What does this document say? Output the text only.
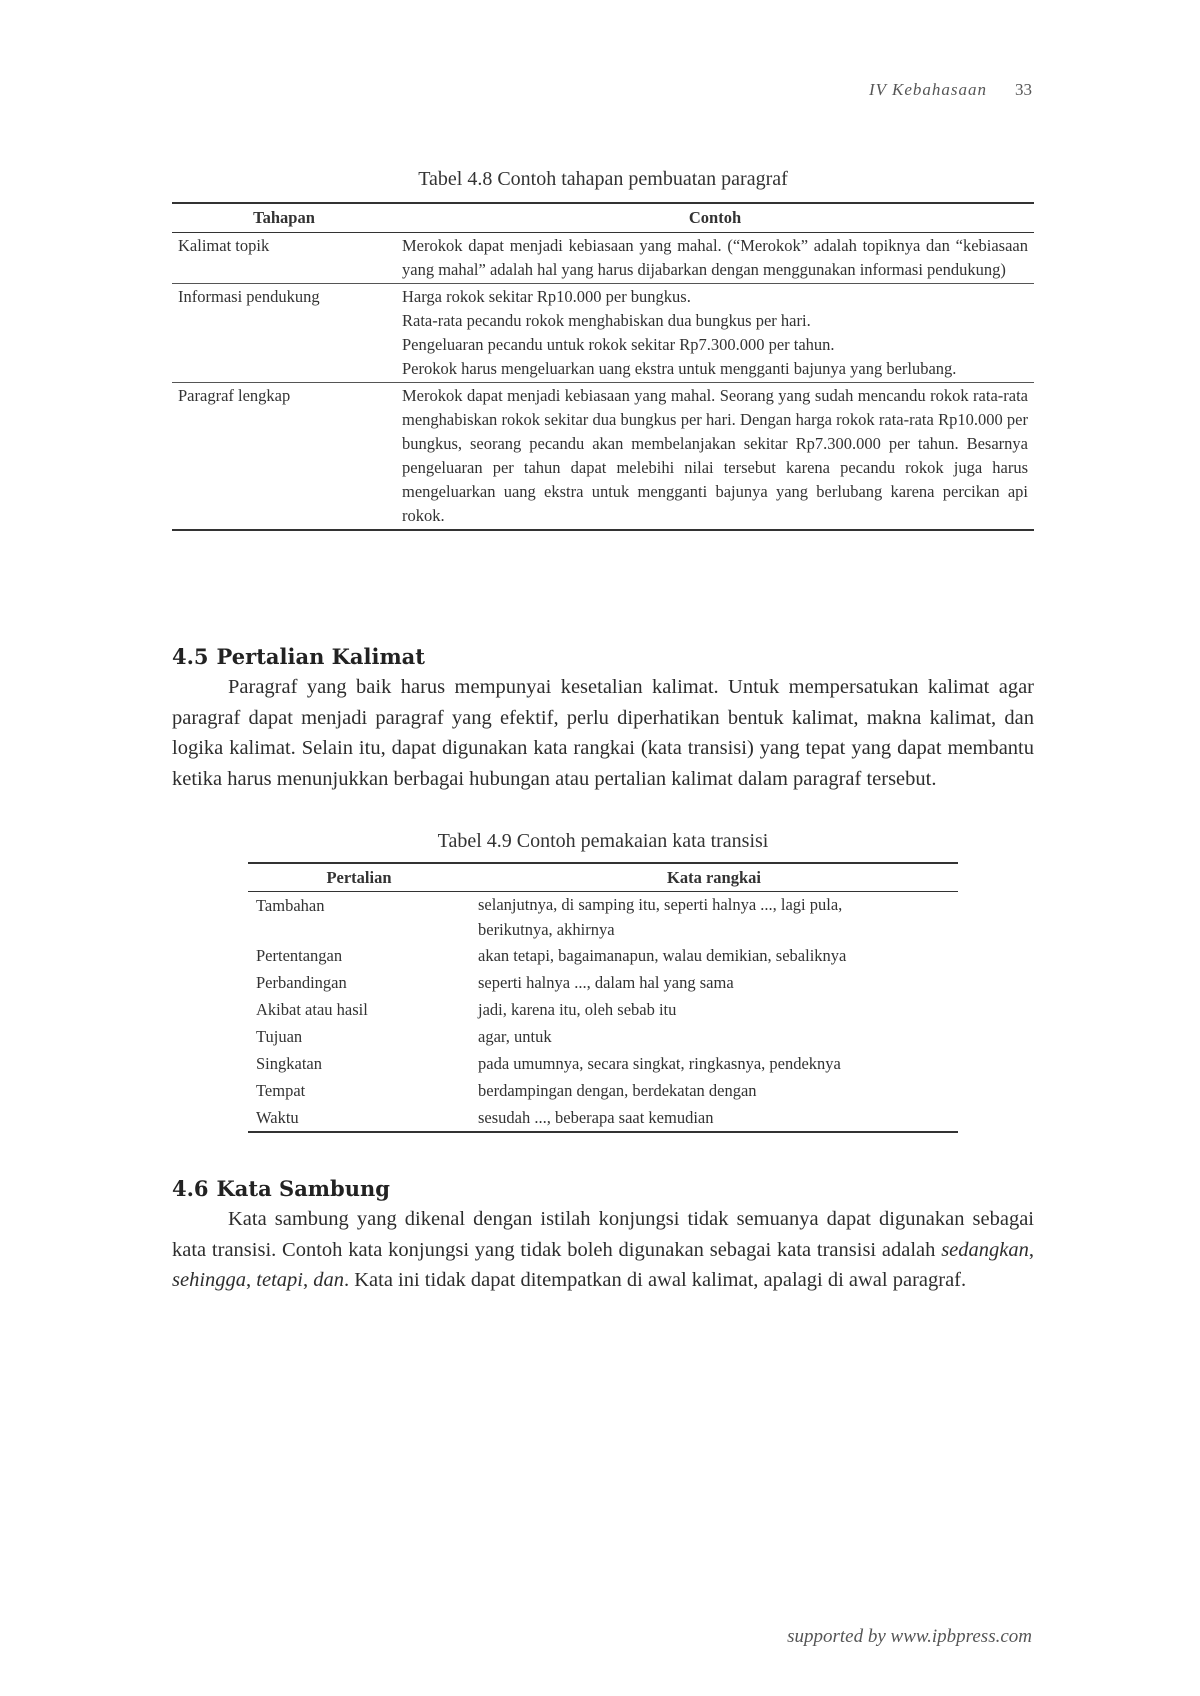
IV Kebahasaan 33
Tabel 4.8 Contoh tahapan pembuatan paragraf
Tahapan	Contoh
Kalimat topik	Merokok dapat menjadi kebiasaan yang mahal. (“Merokok” adalah topiknya dan “kebiasaan yang mahal” adalah hal yang harus dijabarkan dengan menggunakan informasi pendukung)

Informasi pendukung	Harga rokok sekitar Rp10.000 per bungkus.
Rata-rata pecandu rokok menghabiskan dua bungkus per hari.
Pengeluaran pecandu untuk rokok sekitar Rp7.300.000 per tahun.
Perokok harus mengeluarkan uang ekstra untuk mengganti bajunya yang berlubang.

Paragraf lengkap	Merokok dapat menjadi kebiasaan yang mahal. Seorang yang sudah mencandu rokok rata-rata menghabiskan rokok sekitar dua bungkus per hari. Dengan harga rokok rata-rata Rp10.000 per bungkus, seorang pecandu akan membelanjakan sekitar Rp7.300.000 per tahun. Besarnya pengeluaran per tahun dapat melebihi nilai tersebut karena pecandu rokok juga harus mengeluarkan uang ekstra untuk mengganti bajunya yang berlubang karena percikan api rokok.
4.5 Pertalian Kalimat
Paragraf yang baik harus mempunyai kesetalian kalimat. Untuk mempersatukan kalimat agar paragraf dapat menjadi paragraf yang efektif, perlu diperhatikan bentuk kalimat, makna kalimat, dan logika kalimat. Selain itu, dapat digunakan kata rangkai (kata transisi) yang tepat yang dapat membantu ketika harus menunjukkan berbagai hubungan atau pertalian kalimat dalam paragraf tersebut.
Tabel 4.9 Contoh pemakaian kata transisi
Pertalian	Kata rangkai
Tambahan	selanjutnya, di samping itu, seperti halnya ..., lagi pula,
berikutnya, akhirnya

Pertentangan	akan tetapi, bagaimanapun, walau demikian, sebaliknya
Perbandingan	seperti halnya ..., dalam hal yang sama
Akibat atau hasil	jadi, karena itu, oleh sebab itu
Tujuan	agar, untuk
Singkatan	pada umumnya, secara singkat, ringkasnya, pendeknya
Tempat	berdampingan dengan, berdekatan dengan
Waktu	sesudah ..., beberapa saat kemudian
4.6 Kata Sambung
Kata sambung yang dikenal dengan istilah konjungsi tidak semuanya dapat digunakan sebagai kata transisi. Contoh kata konjungsi yang tidak boleh digunakan sebagai kata transisi adalah sedangkan, sehingga, tetapi, dan. Kata ini tidak dapat ditempatkan di awal kalimat, apalagi di awal paragraf.
supported by www.ipbpress.com
